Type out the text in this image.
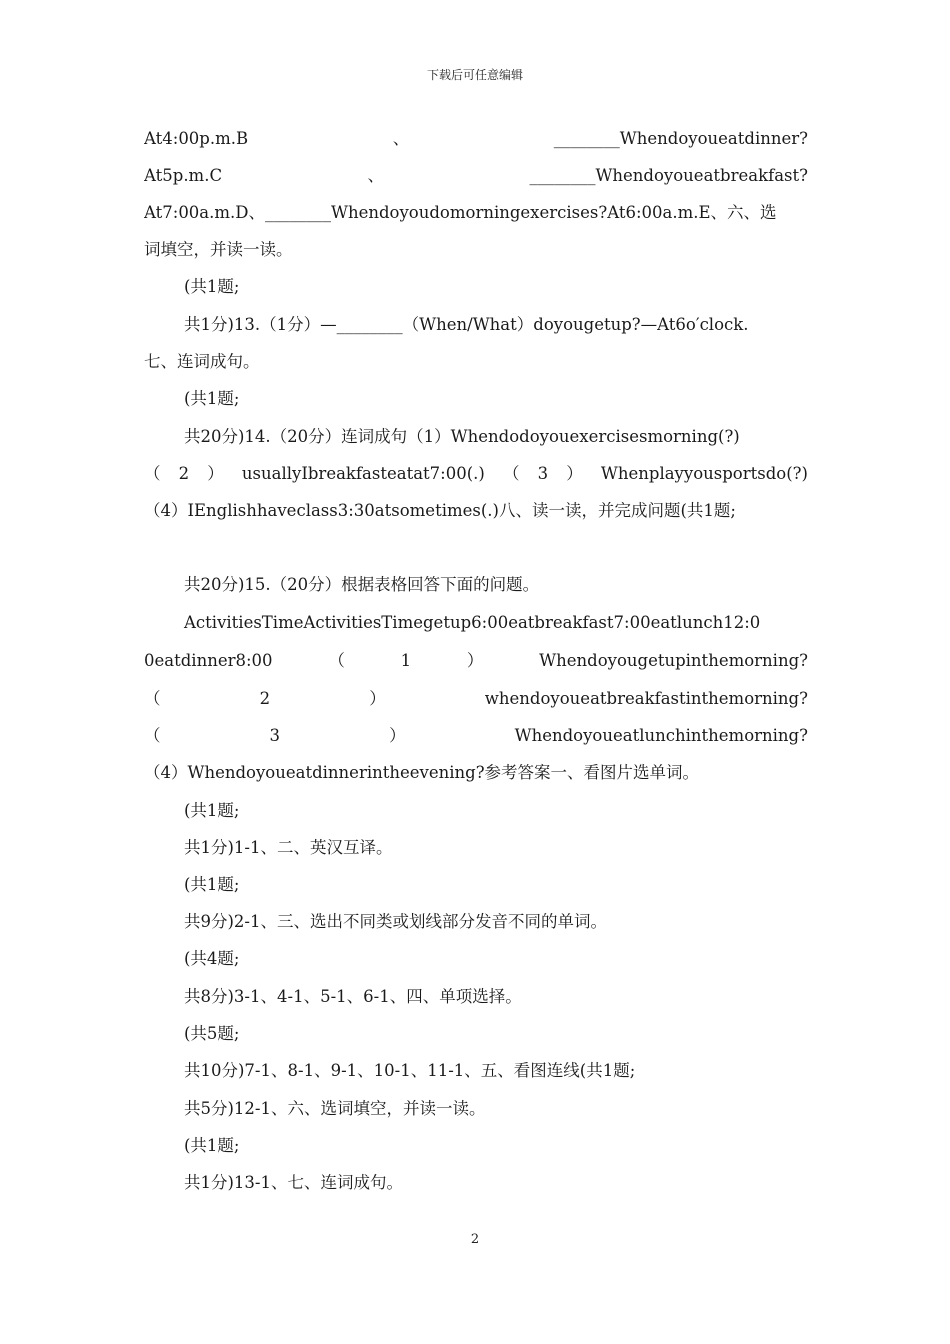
下载后可任意编辑
At4:00p.m.B	、	________Whendoyoueatdinner?
At5p.m.C	、	________Whendoyoueatbreakfast?
At7:00a.m.D、________Whendoyoudomorningexercises?At6:00a.m.E、六、选
词填空，并读一读。
(共1题;
共1分)13.（1分）—________（When/What）doyougetup?—At6o′clock.
七、连词成句。
(共1题;
共20分)14.（20分）连词成句（1）Whendodoyouexercisesmorning(?)
（ 2 ） usuallyIbreakfasteatat7:00(.) （ 3 ） Whenplayyousportsdo(?)
（4）IEnglishhaveclass3:30atsometimes(.)八、读一读，并完成问题(共1题;
共20分)15.（20分）根据表格回答下面的问题。
ActivitiesTimeActivitiesTimegetup6:00eatbreakfast7:00eatlunch12:0
0eatdinner8:00	（	1	）	Whendoyougetupinthemorning?
（	2	）	whendoyoueatbreakfastinthemorning?
（	3	）	Whendoyoueatlunchinthemorning?
（4）Whendoyoueatdinnerintheevening?参考答案一、看图片选单词。
(共1题;
共1分)1-1、二、英汉互译。
(共1题;
共9分)2-1、三、选出不同类或划线部分发音不同的单词。
(共4题;
共8分)3-1、4-1、5-1、6-1、四、单项选择。
(共5题;
共10分)7-1、8-1、9-1、10-1、11-1、五、看图连线(共1题;
共5分)12-1、六、选词填空，并读一读。
(共1题;
共1分)13-1、七、连词成句。
2
